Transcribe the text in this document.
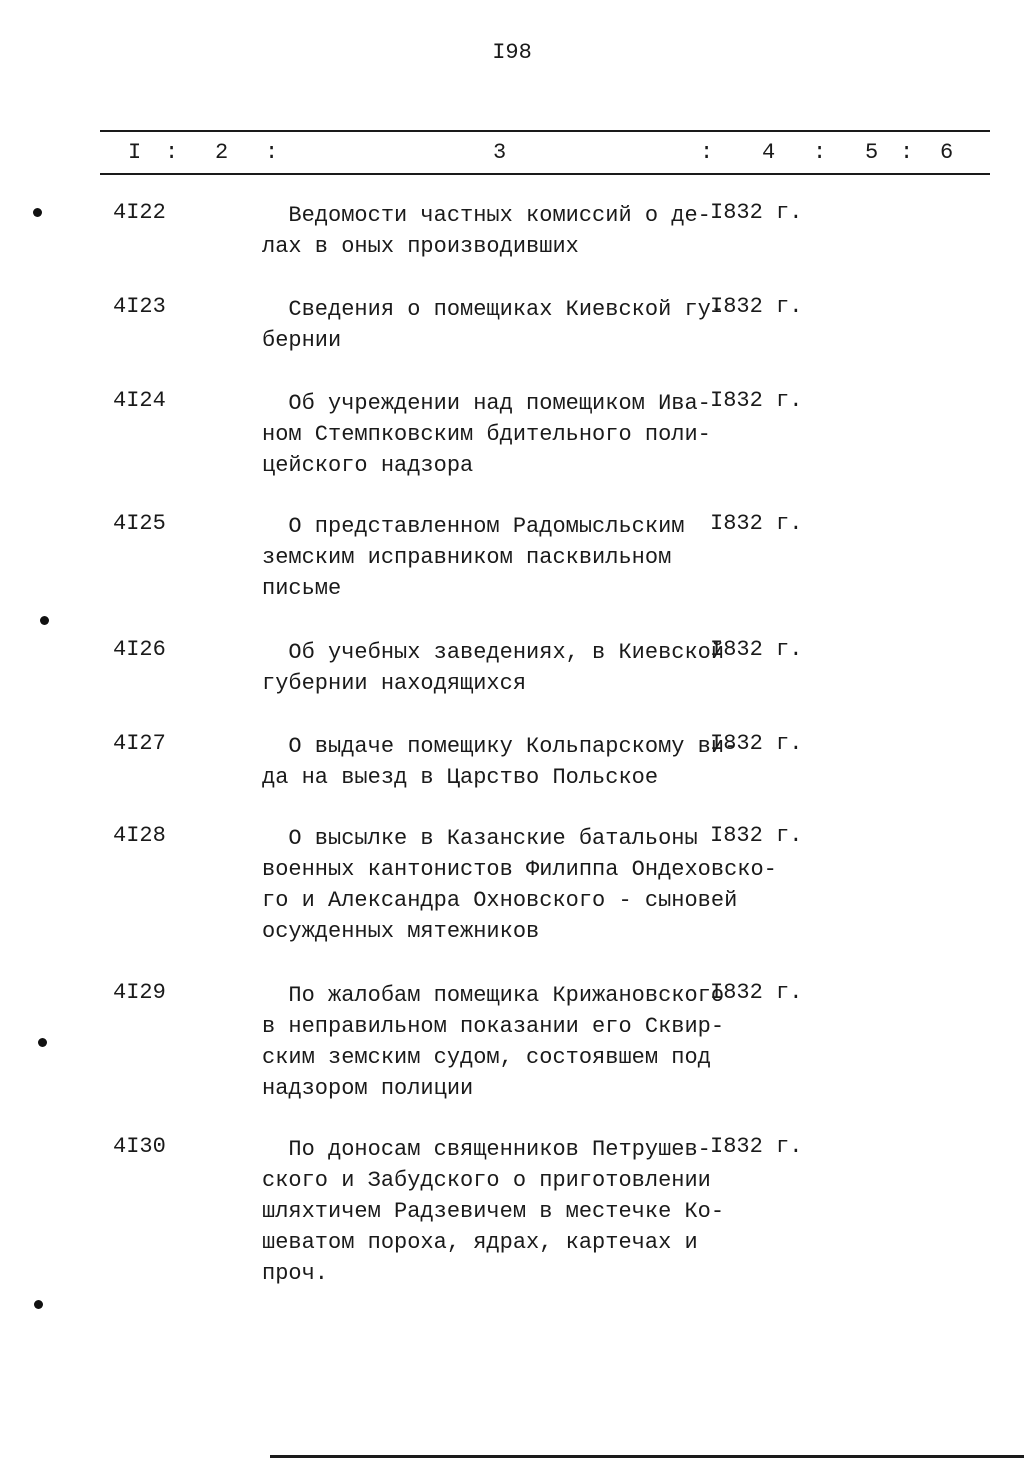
I98
I : 2 :	3	: 4 : 5 : 6
4I22	Ведомости частных комиссий о де-
лах в оных производивших
I832 г.
4I23	Сведения о помещиках Киевской гу-
бернии
I832 г.
4I24	Об учреждении над помещиком Ива-
ном Стемпковским бдительного поли-
цейского надзора
I832 г.
4I25	О представленном Радомысльским
земским исправником пасквильном
письме
I832 г.
4I26	Об учебных заведениях, в Киевской
губернии находящихся
I832 г.
4I27	О выдаче помещику Кольпарскому ви-
да на выезд в Царство Польское
I832 г.
4I28	О высылке в Казанские батальоны
военных кантонистов Филиппа Ондеховско-
го и Александра Охновского - сыновей
осужденных мятежников
I832 г.
4I29	По жалобам помещика Крижановского
в неправильном показании его Сквир-
ским земским судом, состоявшем под
надзором полиции
I832 г.
4I30	По доносам священников Петрушев-
ского и Забудского о приготовлении
шляхтичем Радзевичем в местечке Ко-
шеватом пороха, ядрах, картечах и
проч.
I832 г.
